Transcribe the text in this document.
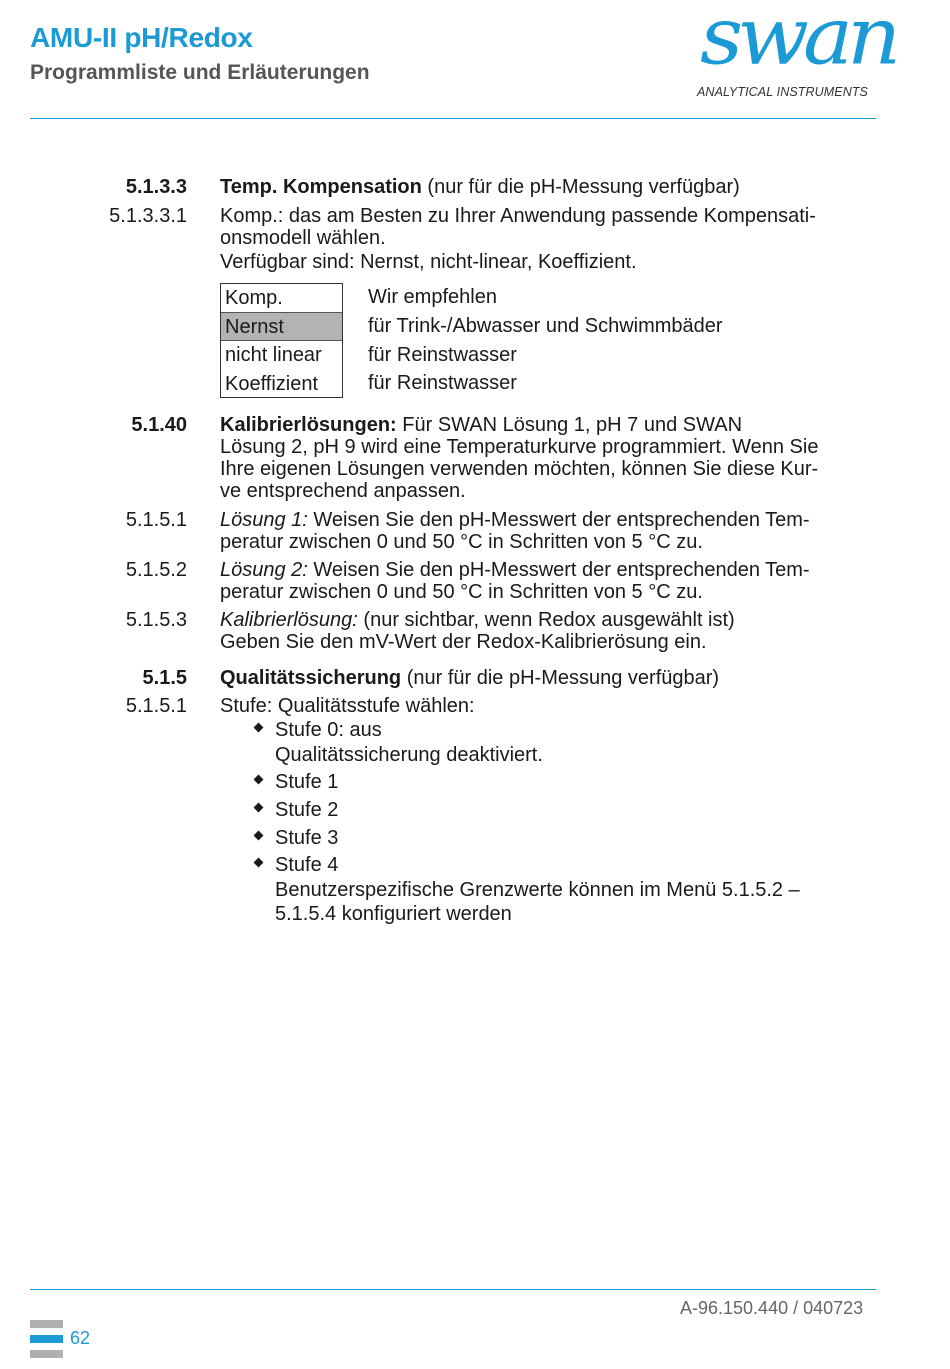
AMU-II pH/Redox
Programmliste und Erläuterungen	swan
ANALYTICAL INSTRUMENTS
5.1.3.3 Temp. Kompensation (nur für die pH-Messung verfügbar)
5.1.3.3.1 Komp.: das am Besten zu Ihrer Anwendung passende Kompensati-
onsmodell wählen.
Verfügbar sind: Nernst, nicht-linear, Koeffizient.
Komp.
Nernst
nicht linear
Koeffizient
Wir empfehlen
für Trink-/Abwasser und Schwimmbäder
für Reinstwasser
für Reinstwasser
5.1.40 Kalibrierlösungen: Für SWAN Lösung 1, pH 7 und SWAN
Lösung 2, pH 9 wird eine Temperaturkurve programmiert. Wenn Sie
Ihre eigenen Lösungen verwenden möchten, können Sie diese Kur-
ve entsprechend anpassen.
5.1.5.1 Lösung 1: Weisen Sie den pH-Messwert der entsprechenden Tem-
peratur zwischen 0 und 50 °C in Schritten von 5 °C zu.
5.1.5.2 Lösung 2: Weisen Sie den pH-Messwert der entsprechenden Tem-
peratur zwischen 0 und 50 °C in Schritten von 5 °C zu.
5.1.5.3 Kalibrierlösung: (nur sichtbar, wenn Redox ausgewählt ist)
Geben Sie den mV-Wert der Redox-Kalibrierösung ein.
5.1.5 Qualitätssicherung (nur für die pH-Messung verfügbar)
5.1.5.1 Stufe: Qualitätsstufe wählen:
Stufe 0: aus
Qualitätssicherung deaktiviert.
Stufe 1
Stufe 2
Stufe 3
Stufe 4
Benutzerspezifische Grenzwerte können im Menü 5.1.5.2 –
5.1.5.4 konfiguriert werden
A-96.150.440 / 040723
62
